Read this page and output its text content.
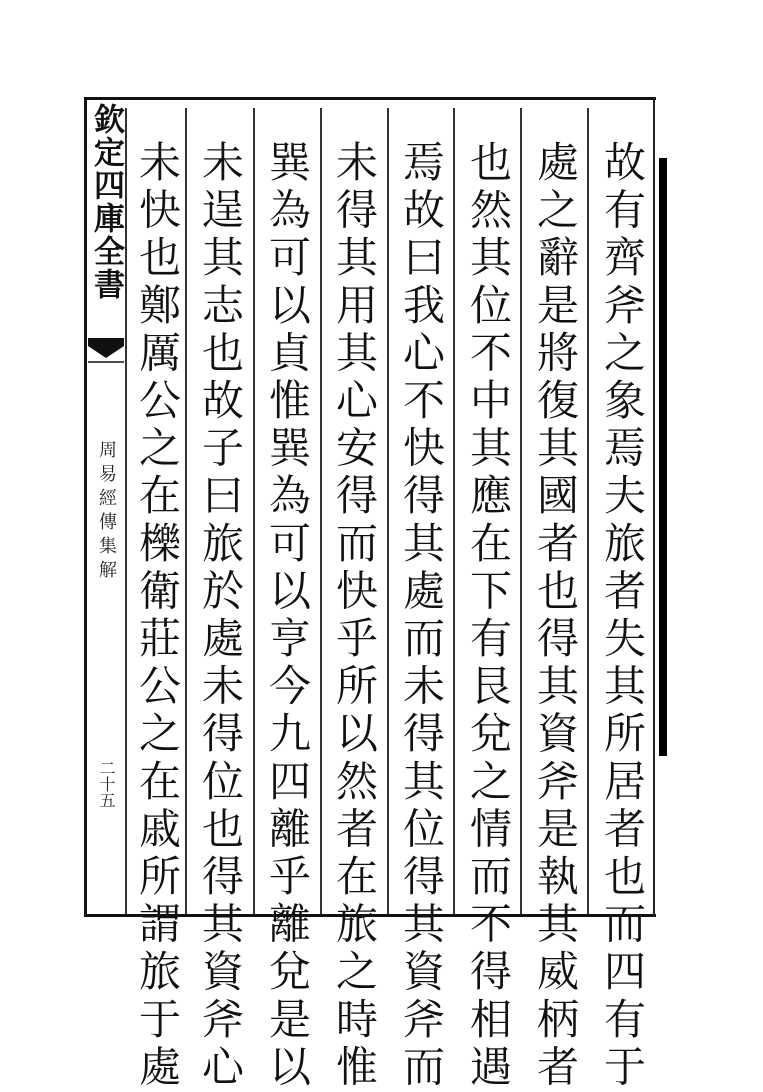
欽定四庫全書
周易經傳集解
二十五	故有齊斧之象焉夫旅者失其所居者也而四有于
處之辭是將復其國者也得其資斧是執其威柄者
也然其位不中其應在下有艮兌之情而不得相遇
焉故曰我心不快得其處而未得其位得其資斧而
未得其用其心安得而快乎所以然者在旅之時惟
巽為可以貞惟巽為可以亨今九四離乎離兌是以
未逞其志也故子曰旅於處未得位也得其資斧心
未快也鄭厲公之在櫟衛莊公之在戚所謂旅于處
